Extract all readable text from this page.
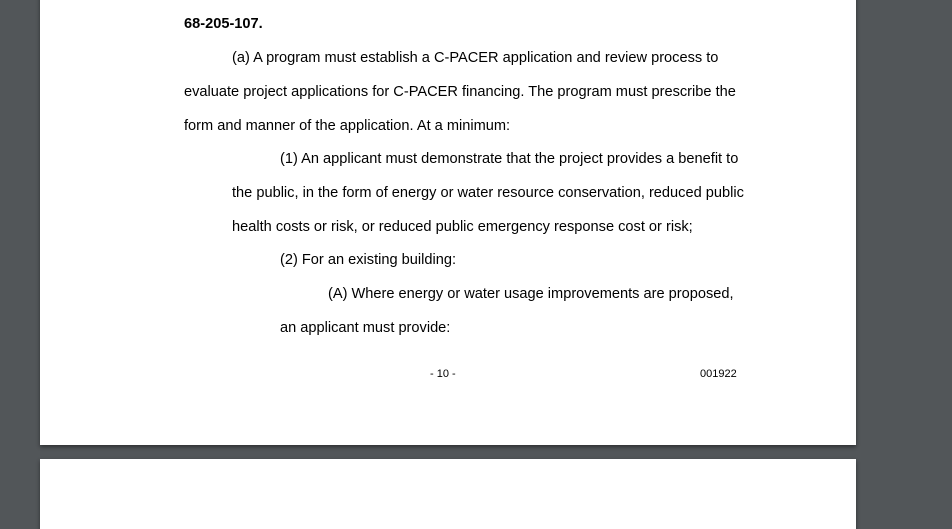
68-205-107.
(a) A program must establish a C-PACER application and review process to
evaluate project applications for C-PACER financing. The program must prescribe the
form and manner of the application. At a minimum:
(1) An applicant must demonstrate that the project provides a benefit to
the public, in the form of energy or water resource conservation, reduced public
health costs or risk, or reduced public emergency response cost or risk;
(2) For an existing building:
(A) Where energy or water usage improvements are proposed,
an applicant must provide:
- 10 -	001922
